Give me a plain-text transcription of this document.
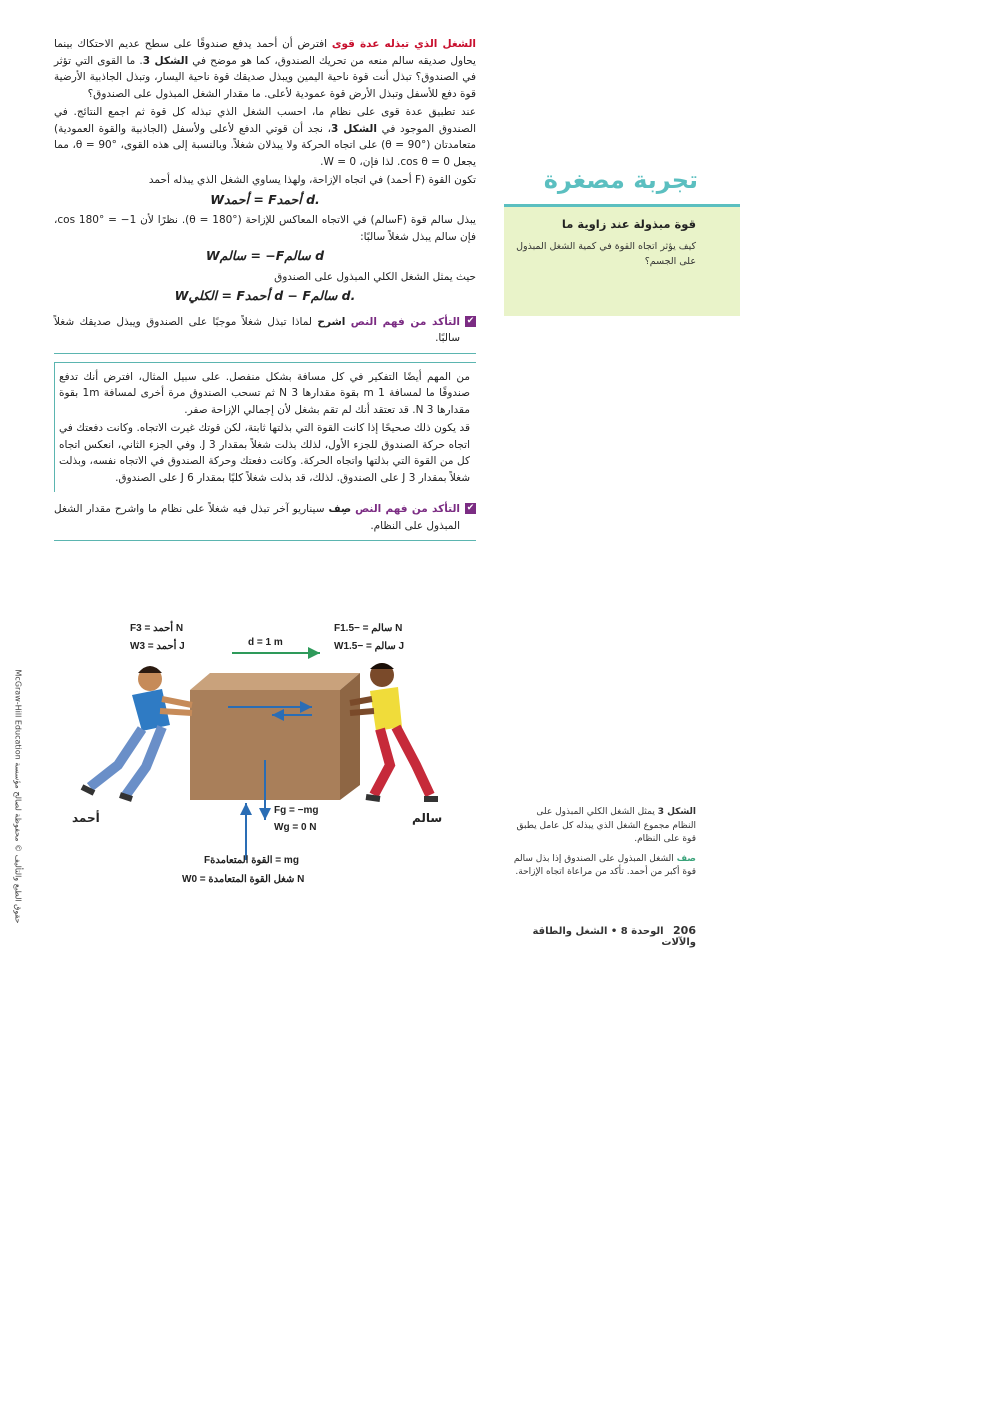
الشغل الذي تبذله عدة قوى افترض أن أحمد يدفع صندوقًا على سطح عديم الاحتكاك بينما يحاول صديقه سالم منعه من تحريك الصندوق، كما هو موضح في الشكل 3. ما القوى التي تؤثر في الصندوق؟ تبذل أنت قوة ناحية اليمين ويبذل صديقك قوة ناحية اليسار، وتبذل الجاذبية الأرضية قوة دفع للأسفل وتبذل الأرض قوة عمودية لأعلى. ما مقدار الشغل المبذول على الصندوق؟

عند تطبيق عدة قوى على نظام ما، احسب الشغل الذي تبذله كل قوة ثم اجمع النتائج. في الصندوق الموجود في الشكل 3، نجد أن قوتي الدفع لأعلى ولأسفل (الجاذبية والقوة العمودية) متعامدتان (θ = 90°) على اتجاه الحركة ولا يبذلان شغلاً. وبالنسبة إلى هذه القوى، θ = 90°، مما يجعل cos θ = 0. لذا فإن، W = 0.

تكون القوة (F أحمد) في اتجاه الإزاحة، ولهذا يساوي الشغل الذي يبذله أحمد

Wأحمد = Fأحمد d.

يبذل سالم قوة (Fسالم) في الاتجاه المعاكس للإزاحة (θ = 180°). نظرًا لأن cos 180° = −1، فإن سالم يبذل شغلاً سالبًا:

Wسالم = −Fسالم d

حيث يمثل الشغل الكلي المبذول على الصندوق

Wالكلي = Fأحمد d − Fسالم d.
✔
التأكد من فهم النص اشرح لماذا تبذل شغلاً موجبًا على الصندوق ويبذل صديقك شغلاً سالبًا.

من المهم أيضًا التفكير في كل مسافة بشكل منفصل. على سبيل المثال، افترض أنك تدفع صندوقًا ما لمسافة 1 m بقوة مقدارها 3 N ثم تسحب الصندوق مرة أخرى لمسافة 1m بقوة مقدارها 3 N. قد تعتقد أنك لم تقم بشغل لأن إجمالي الإزاحة صفر.

قد يكون ذلك صحيحًا إذا كانت القوة التي بذلتها ثابتة، لكن قوتك غيرت الاتجاه. وكانت دفعتك في اتجاه حركة الصندوق للجزء الأول، لذلك بذلت شغلاً بمقدار 3 J. وفي الجزء الثاني، انعكس اتجاه كل من القوة التي بذلتها واتجاه الحركة. وكانت دفعتك وحركة الصندوق في الاتجاه نفسه، وبذلت شغلاً بمقدار 3 J على الصندوق. لذلك، قد بذلت شغلاً كليًا بمقدار 6 J على الصندوق.

✔
التأكد من فهم النص صِف سيناريو آخر تبذل فيه شغلاً على نظام ما واشرح مقدار الشغل المبذول على النظام.
تجربة مصغرة
قوة مبذولة عند زاوية ما
كيف يؤثر اتجاه القوة في كمية الشغل المبذول على الجسم؟
Fأحمد = 3 N
Wأحمد = 3 J	d = 1 m
Fسالم = −1.5 N
Wسالم = −1.5 J
Fg = −mg
Wg = 0 N
Fالقوة المتعامدة = mg
Wشغل القوة المتعامدة = 0 N
أحمد	سالم	الشكل 3 يمثل الشغل الكلي المبذول على النظام مجموع الشغل الذي يبذله كل عامل يطبق قوة على النظام.

صف الشغل المبذول على الصندوق إذا بذل سالم قوة أكبر من أحمد. تأكد من مراعاة اتجاه الإزاحة.

206 الوحدة 8 • الشغل والطاقة والآلات
حقوق الطبع والتأليف © محفوظة لصالح مؤسسة McGraw-Hill Education
